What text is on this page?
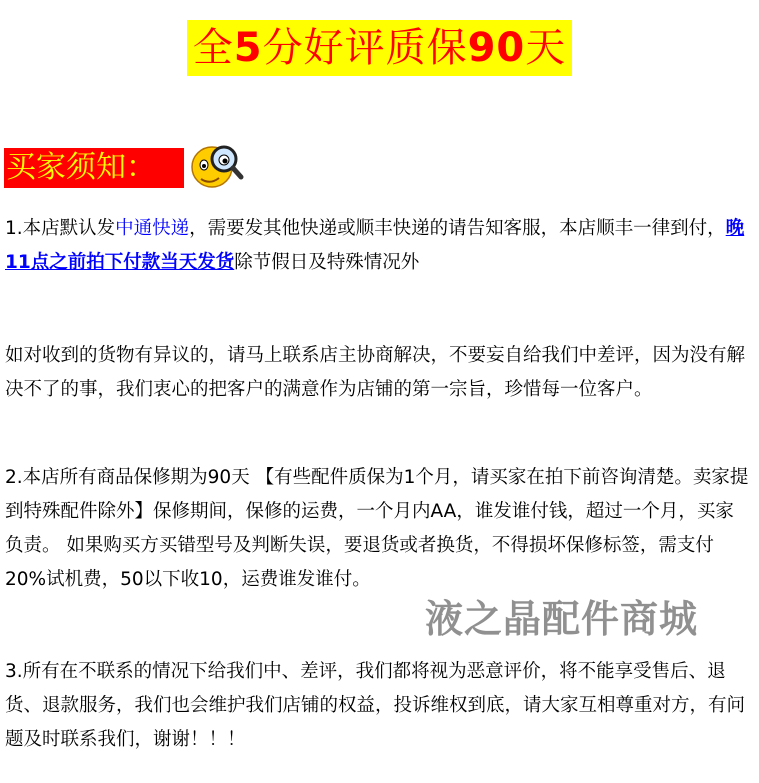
全5分好评质保90天
买家须知：

1.本店默认发中通快递，需要发其他快递或顺丰快递的请告知客服，本店顺丰一律到付，晚11点之前拍下付款当天发货除节假日及特殊情况外

如对收到的货物有异议的，请马上联系店主协商解决，不要妄自给我们中差评，因为没有解决不了的事，我们衷心的把客户的满意作为店铺的第一宗旨，珍惜每一位客户。

2.本店所有商品保修期为90天 【有些配件质保为1个月，请买家在拍下前咨询清楚。卖家提到特殊配件除外】保修期间，保修的运费，一个月内AA，谁发谁付钱，超过一个月，买家负责。 如果购买方买错型号及判断失误，要退货或者换货，不得损坏保修标签，需支付20%试机费，50以下收10，运费谁发谁付。

3.所有在不联系的情况下给我们中、差评，我们都将视为恶意评价，将不能享受售后、退货、退款服务，我们也会维护我们店铺的权益，投诉维权到底，请大家互相尊重对方，有问题及时联系我们，谢谢！！！

液之晶配件商城
